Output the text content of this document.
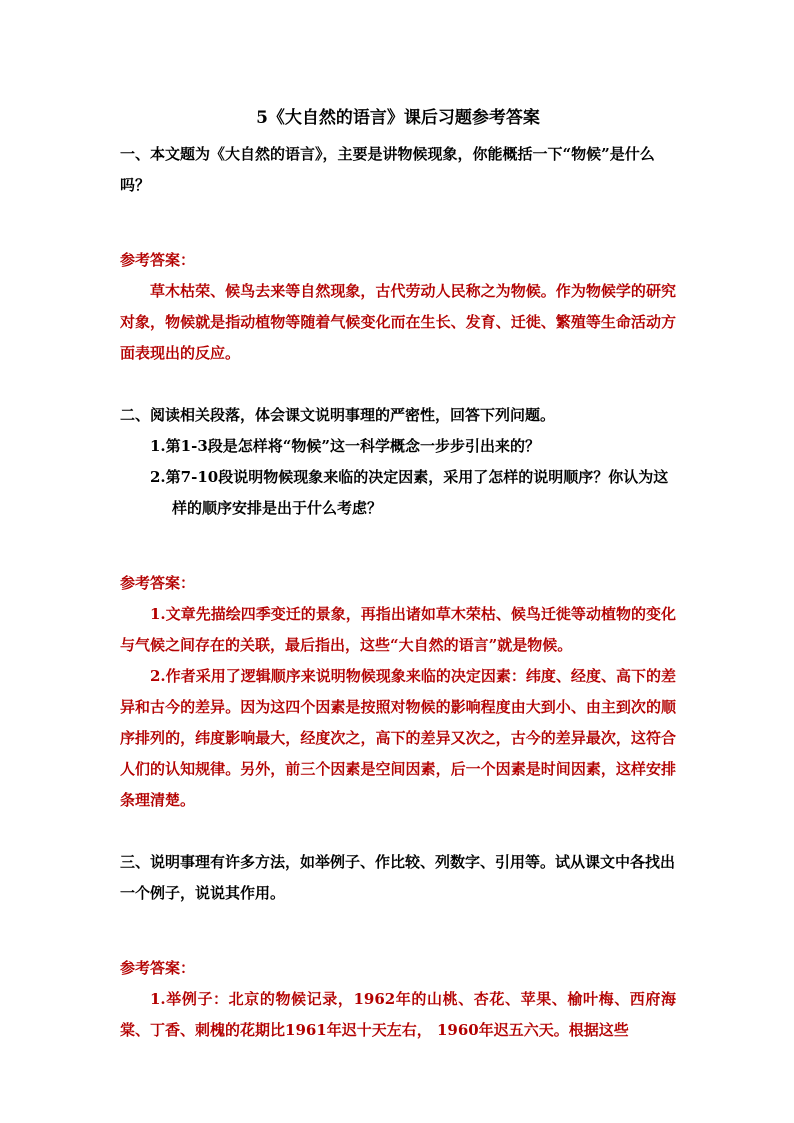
5《大自然的语言》课后习题参考答案

一、本文题为《大自然的语言》，主要是讲物候现象，你能概括一下“物候”是什么吗？

参考答案：

草木枯荣、候鸟去来等自然现象，古代劳动人民称之为物候。作为物候学的研究对象，物候就是指动植物等随着气候变化而在生长、发育、迁徙、繁殖等生命活动方面表现出的反应。

二、阅读相关段落，体会课文说明事理的严密性，回答下列问题。

1.第1-3段是怎样将“物候”这一科学概念一步步引出来的？

2.第7-10段说明物候现象来临的决定因素，采用了怎样的说明顺序？你认为这样的顺序安排是出于什么考虑？

参考答案：

1.文章先描绘四季变迁的景象，再指出诸如草木荣枯、候鸟迁徙等动植物的变化与气候之间存在的关联，最后指出，这些“大自然的语言”就是物候。

2.作者采用了逻辑顺序来说明物候现象来临的决定因素：纬度、经度、高下的差异和古今的差异。因为这四个因素是按照对物候的影响程度由大到小、由主到次的顺序排列的，纬度影响最大，经度次之，高下的差异又次之，古今的差异最次，这符合人们的认知规律。另外，前三个因素是空间因素，后一个因素是时间因素，这样安排条理清楚。

三、说明事理有许多方法，如举例子、作比较、列数字、引用等。试从课文中各找出一个例子，说说其作用。

参考答案：

1.举例子：北京的物候记录，1962年的山桃、杏花、苹果、榆叶梅、西府海棠、丁香、刺槐的花期比1961年迟十天左右， 1960年迟五六天。根据这些
